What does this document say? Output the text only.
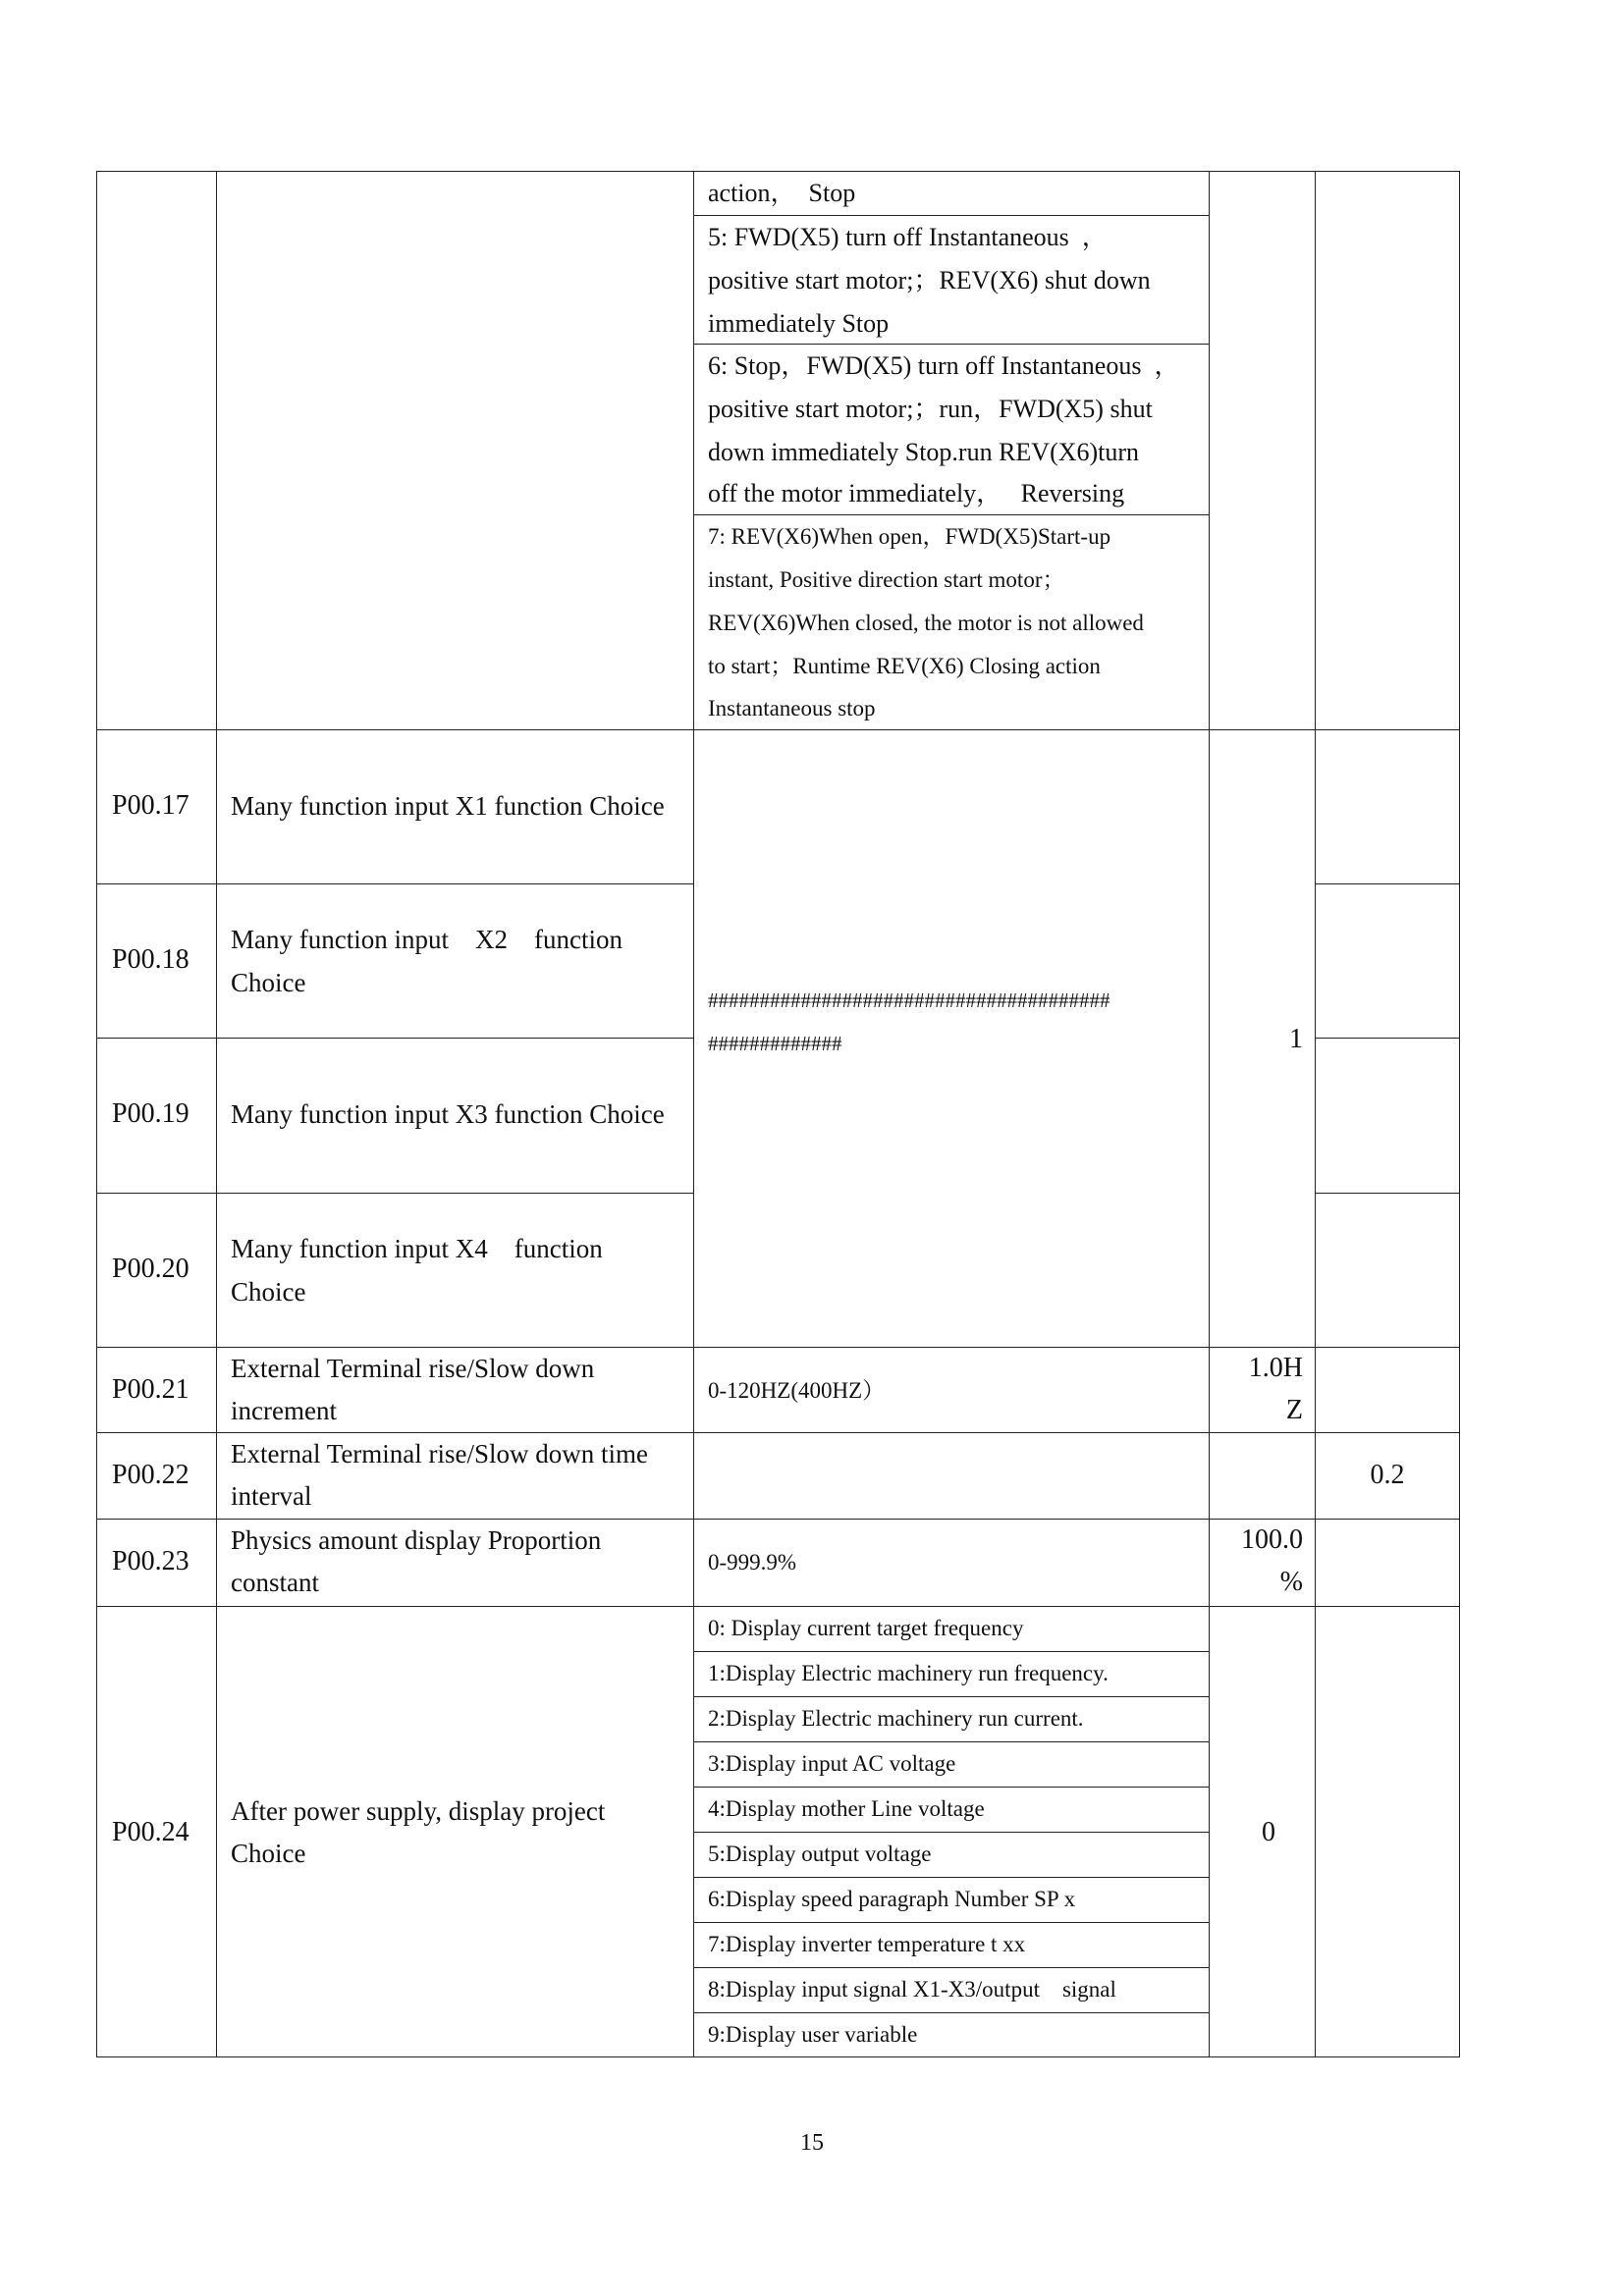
action，  Stop
5: FWD(X5) turn off Instantaneous  ，
positive start motor;；REV(X6) shut down
immediately Stop
6: Stop，FWD(X5) turn off Instantaneous  ，
positive start motor;；run，FWD(X5) shut
down immediately Stop.run REV(X6)turn
off the motor immediately，   Reversing
7: REV(X6)When open，FWD(X5)Start-up
instant, Positive direction start motor；
REV(X6)When closed, the motor is not allowed
to start；Runtime REV(X6) Closing action
Instantaneous stop
P00.17 Many function input X1 function Choice
P00.18
Many function input    X2    function
Choice
P00.19 Many function input X3 function Choice
P00.20
Many function input X4    function
Choice
#######################################
#############	1
P00.21
External Terminal rise/Slow down
increment
0-120HZ(400HZ）
1.0H
Z
P00.22
External Terminal rise/Slow down time
interval
0.2
P00.23
Physics amount display Proportion
constant
0-999.9%
100.0
%
P00.24
After power supply, display project
Choice
0: Display current target frequency
1:Display Electric machinery run frequency.
2:Display Electric machinery run current.
3:Display input AC voltage
4:Display mother Line voltage
5:Display output voltage
6:Display speed paragraph Number SP x
7:Display inverter temperature t xx
8:Display input signal X1-X3/output    signal
9:Display user variable
0
15
